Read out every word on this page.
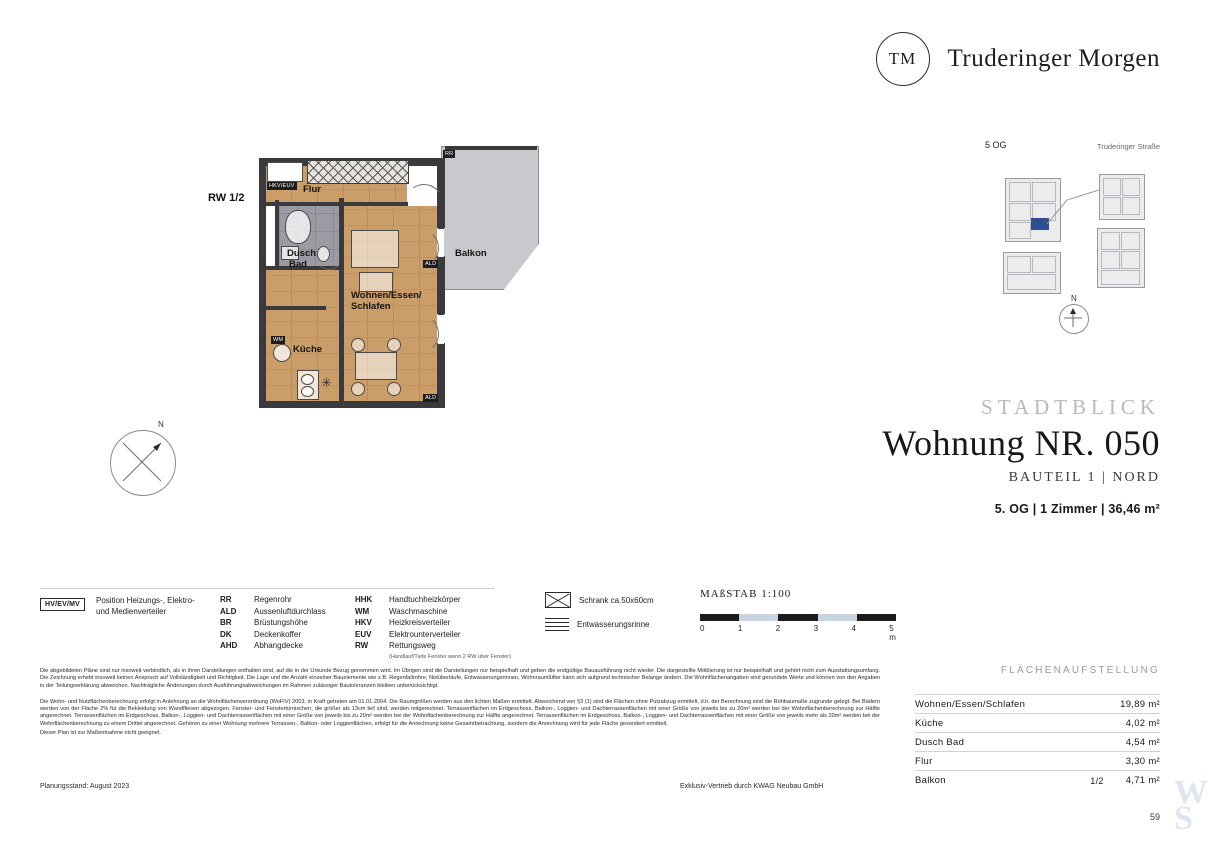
TM	Truderinger Morgen
RW 1/2
HKV/EUV
RR
ALD
ALD
WM
✳
Flur
Dusch
Bad
Küche
Wohnen/Essen/
Schlafen
Balkon
N
5 OG	Truderinger Straße
N
STADTBLICK
Wohnung NR. 050
BAUTEIL 1 | NORD
5. OG | 1 Zimmer | 36,46 m²
HV/EV/MV	Position Heizungs-, Elektro- und Medienverteiler
RR	Regenrohr
ALD	Aussenluftdurchlass
BR	Brüstungshöhe
DK	Deckenkoffer
AHD	Abhangdecke
HHK	Handtuchheizkörper
WM	Waschmaschine
HKV	Heizkreisverteiler
EUV	Elektrounterverteiler
RW	Rettungsweg
(Handlauf/Tiefe Fenster wenn 2 RW über Fenster)
Schrank ca.50x60cm
Entwasserungsrinne
MAßSTAB 1:100
0	1	2	3	4	5 m

Die abgebildeten Pläne sind nur insoweit verbindlich, als in ihren Darstellungen enthalten sind, auf die in der Urkunde Bezug genommen wird. Im Übrigen sind die Darstellungen nur beispielhaft und geben die endgültige Bauausführung nicht wieder. Die dargestellte Möblierung ist nur beispielhaft und gehört nicht zum Ausstattungsumfang. Die Zeichnung erhebt insoweit keinen Anspruch auf Vollständigkeit und Richtigkeit. Die Lage und die Anzahl einzelner Bauelemente wie z.B. Regenfallrohre, Notüberläufe, Entwasserungsrinnen, Wohnraumlüfter kann sich aufgrund technischer Belange ändern. Die Wohnflächenangaben sind gerundete Werte und können von den Angaben in der Teilungserklärung abweichen. Nachträgliche Änderungen durch Ausführungsabweichungen im Rahmen zulässiger Bautoleranzen bleiben unberücksichtigt.

Die Wohn- und Nutzflächenberechnung erfolgt in Anlehnung an die Wohnflächenverordnung (WoFIV) 2003, in Kraft getreten am 01.01.2004. Die Raumgrößen werden aus den lichten Maßen ermittelt. Abweichend von §3 (1) sind die Flächen ohne Putzabzug ermittelt, d.h. der Berechnung sind die Rohbaumaße zugrunde gelegt. Bei Bädern werden von der Fläche 2% für die Bekleidung von Wandfliesen abgezogen. Fenster- und Fenstertürnischen, die größer als 13cm tief sind, werden mitgerechnet. Terrassenflächen im Erdgeschoss, Balkon-, Loggien- und Dachterrassenflächen mit einer Größe von jeweils bis zu 20m² werden bei der Wohnflächenberechnung zur Hälfte angerechnet. Terrassenflächen im Erdgeschoss, Balkon-, Loggien- und Dachterrassenflächen mit einer Größe von jeweils bis zu 20m² werden bei der Wohnflächenberechnung zur Hälfte angerechnet. Terrassenflächen im Erdgeschoss, Balkon-, Loggien- und Dachterrassenflächen mit einer Größe von jeweils mehr als 20m² werden bei der Wohnflächenberechnung zu einem Drittel angerechnet. Gehören zu einer Wohnung mehrere Terrassen-, Balkon- oder Loggienflächen, erfolgt für die Anrechnung keine Gesamtbetrachtung, sondern die Anrechnung wird für jede Fläche gesondert ermittelt.

Dieser Plan ist zur Maßentnahme nicht geeignet.

Planungsstand: August 2023	Exklusiv-Vertrieb durch KWAG Neubau GmbH
FLÄCHENAUFSTELLUNG
Wohnen/Essen/Schlafen	19,89 m²
Küche	4,02 m²
Dusch Bad	4,54 m²
Flur	3,30 m²
Balkon	1/2 4,71 m²
59
W
S
